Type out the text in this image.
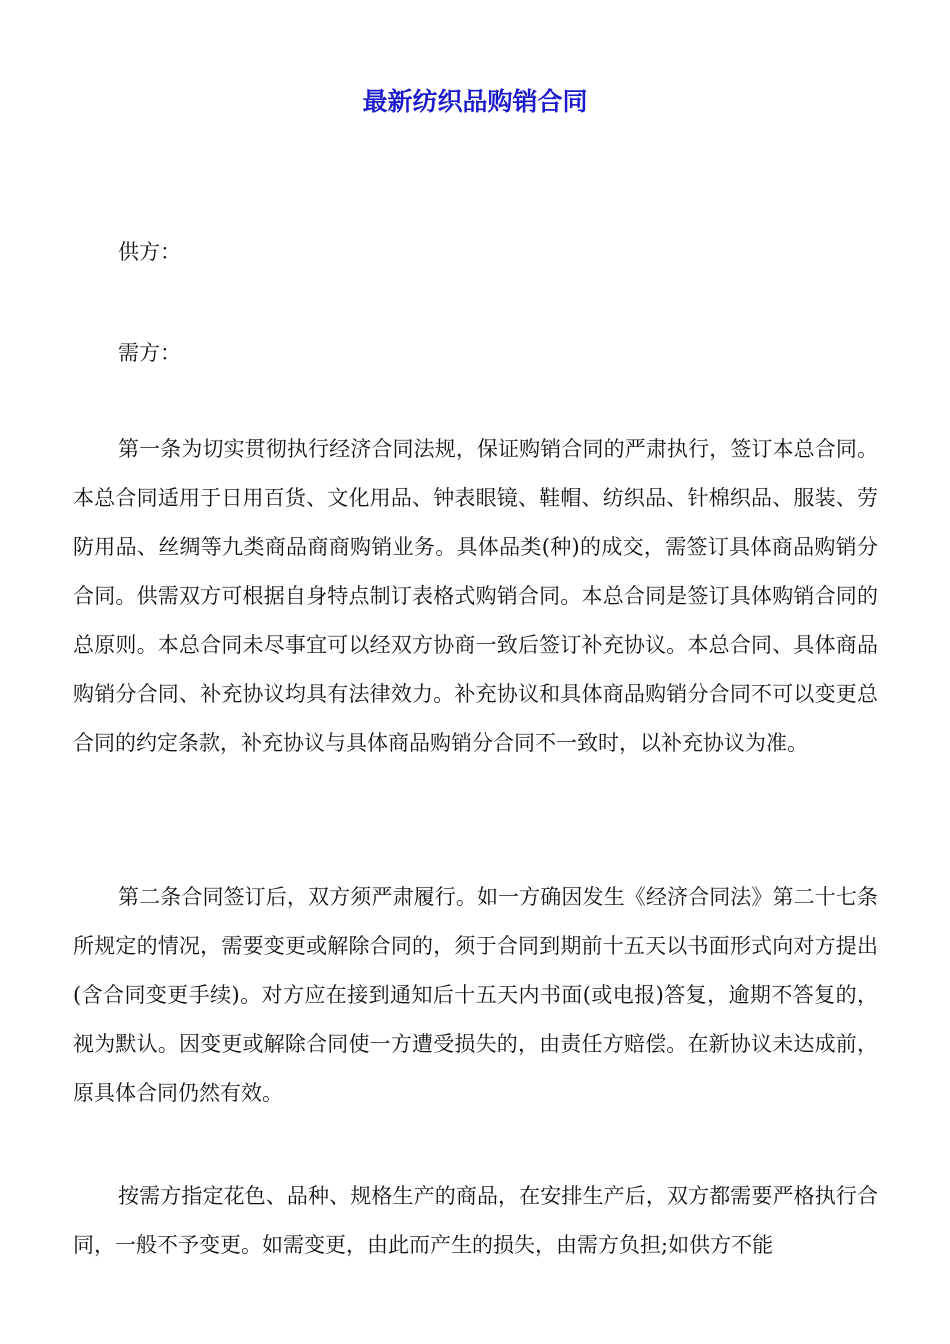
最新纺织品购销合同

供方：

需方：

第一条为切实贯彻执行经济合同法规，保证购销合同的严肃执行，签订本总合同。本总合同适用于日用百货、文化用品、钟表眼镜、鞋帽、纺织品、针棉织品、服装、劳防用品、丝绸等九类商品商商购销业务。具体品类(种)的成交，需签订具体商品购销分合同。供需双方可根据自身特点制订表格式购销合同。本总合同是签订具体购销合同的总原则。本总合同未尽事宜可以经双方协商一致后签订补充协议。本总合同、具体商品购销分合同、补充协议均具有法律效力。补充协议和具体商品购销分合同不可以变更总合同的约定条款，补充协议与具体商品购销分合同不一致时，以补充协议为准。

第二条合同签订后，双方须严肃履行。如一方确因发生《经济合同法》第二十七条所规定的情况，需要变更或解除合同的，须于合同到期前十五天以书面形式向对方提出(含合同变更手续)。对方应在接到通知后十五天内书面(或电报)答复，逾期不答复的，视为默认。因变更或解除合同使一方遭受损失的，由责任方赔偿。在新协议未达成前，原具体合同仍然有效。

按需方指定花色、品种、规格生产的商品，在安排生产后，双方都需要严格执行合同，一般不予变更。如需变更，由此而产生的损失，由需方负担;如供方不能
